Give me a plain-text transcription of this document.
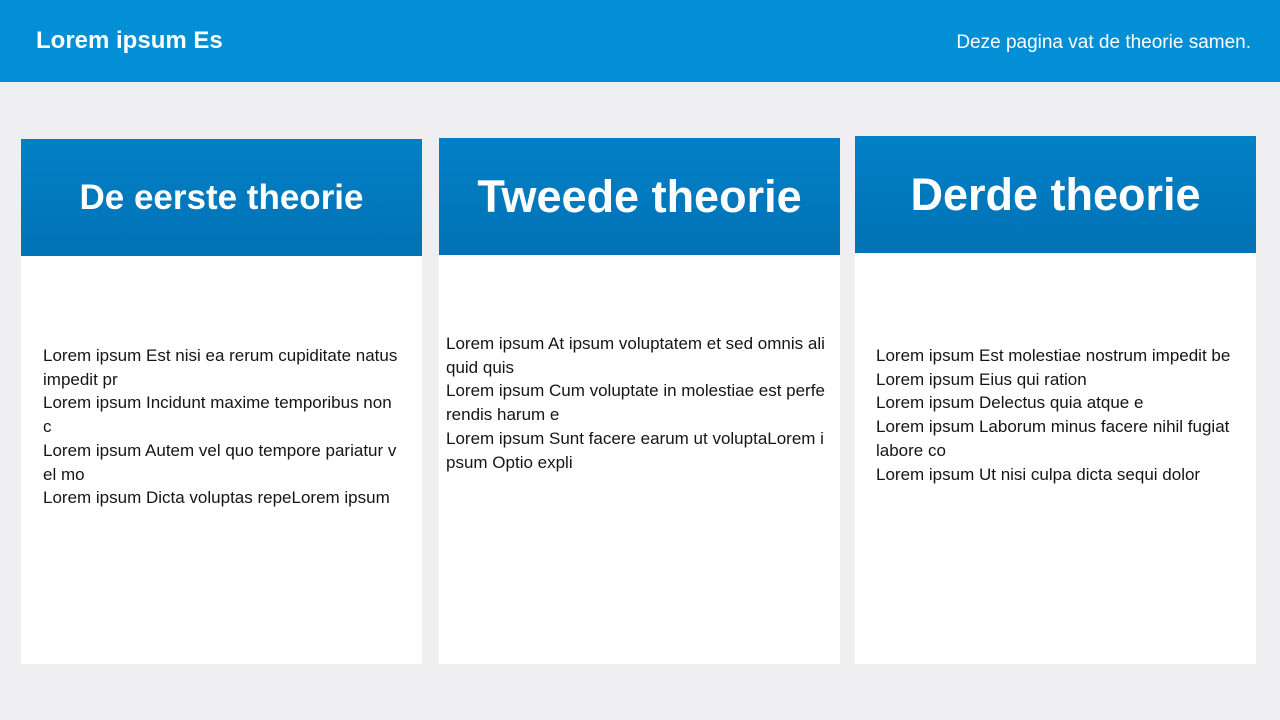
Lorem ipsum Es	Deze pagina vat de theorie samen.
De eerste theorie
Lorem ipsum Est nisi ea rerum cupiditate natus impedit pr
Lorem ipsum Incidunt maxime temporibus non c
Lorem ipsum Autem vel quo tempore pariatur vel mo
Lorem ipsum Dicta voluptas repeLorem ipsum
Tweede theorie
Lorem ipsum At ipsum voluptatem et sed omnis aliquid quis
Lorem ipsum Cum voluptate in molestiae est perferendis harum e
Lorem ipsum Sunt facere earum ut voluptaLorem ipsum Optio expli
Derde theorie
Lorem ipsum Est molestiae nostrum impedit beLorem ipsum Eius qui ration
Lorem ipsum Delectus quia atque e
Lorem ipsum Laborum minus facere nihil fugiat labore co
Lorem ipsum Ut nisi culpa dicta sequi dolor
